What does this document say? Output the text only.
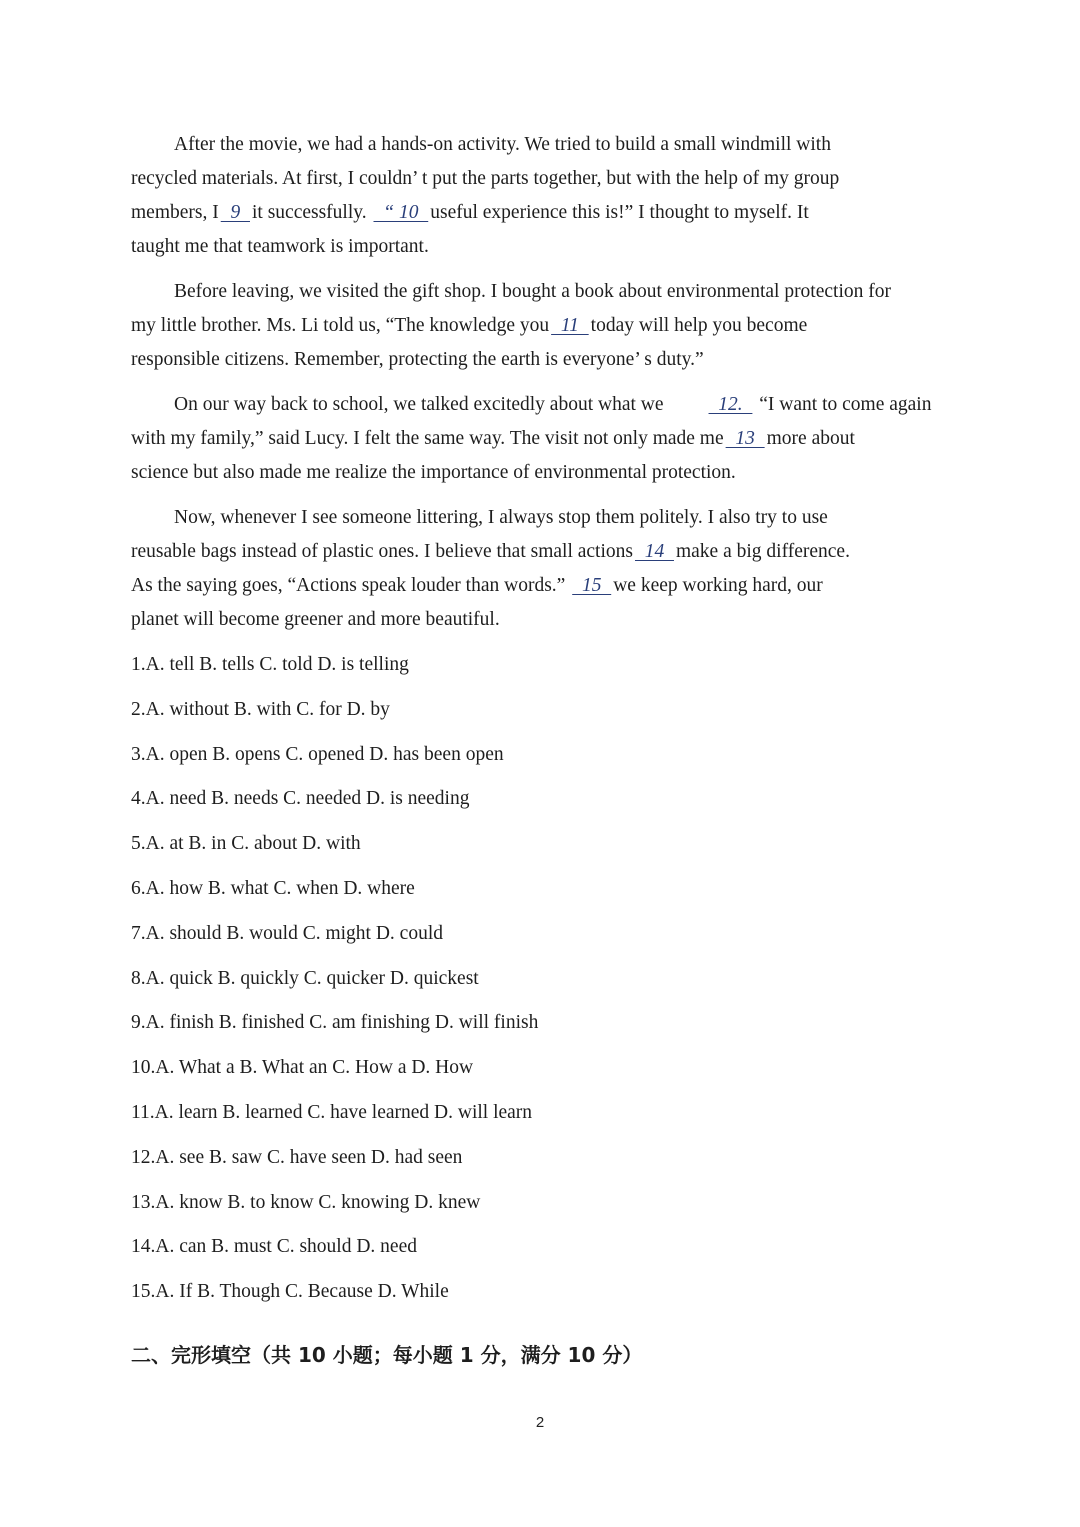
After the movie, we had a hands-on activity. We tried to build a small windmill with
recycled materials. At first, I couldn’ t put the parts together, but with the help of my group
members, I  9  it successfully.   “ 10  useful experience this is!” I thought to myself. It
taught me that teamwork is important.
Before leaving, we visited the gift shop. I bought a book about environmental protection for
my little brother. Ms. Li told us, “The knowledge you  11  today will help you become
responsible citizens. Remember, protecting the earth is everyone’ s duty.”
On our way back to school, we talked excitedly about what we  12.   “I want to come again
with my family,” said Lucy. I felt the same way. The visit not only made me  13  more about
science but also made me realize the importance of environmental protection.
Now, whenever I see someone littering, I always stop them politely. I also try to use
reusable bags instead of plastic ones. I believe that small actions  14  make a big difference.
As the saying goes, “Actions speak louder than words.”   15  we keep working hard, our
planet will become greener and more beautiful.
1.A. tell B. tells C. told D. is telling
2.A. without B. with C. for D. by
3.A. open B. opens C. opened D. has been open
4.A. need B. needs C. needed D. is needing
5.A. at B. in C. about D. with
6.A. how B. what C. when D. where
7.A. should B. would C. might D. could
8.A. quick B. quickly C. quicker D. quickest
9.A. finish B. finished C. am finishing D. will finish
10.A. What a B. What an C. How a D. How
11.A. learn B. learned C. have learned D. will learn
12.A. see B. saw C. have seen D. had seen
13.A. know B. to know C. knowing D. knew
14.A. can B. must C. should D. need
15.A. If B. Though C. Because D. While
二、完形填空（共 10 小题；每小题 1 分，满分 10 分）
2
